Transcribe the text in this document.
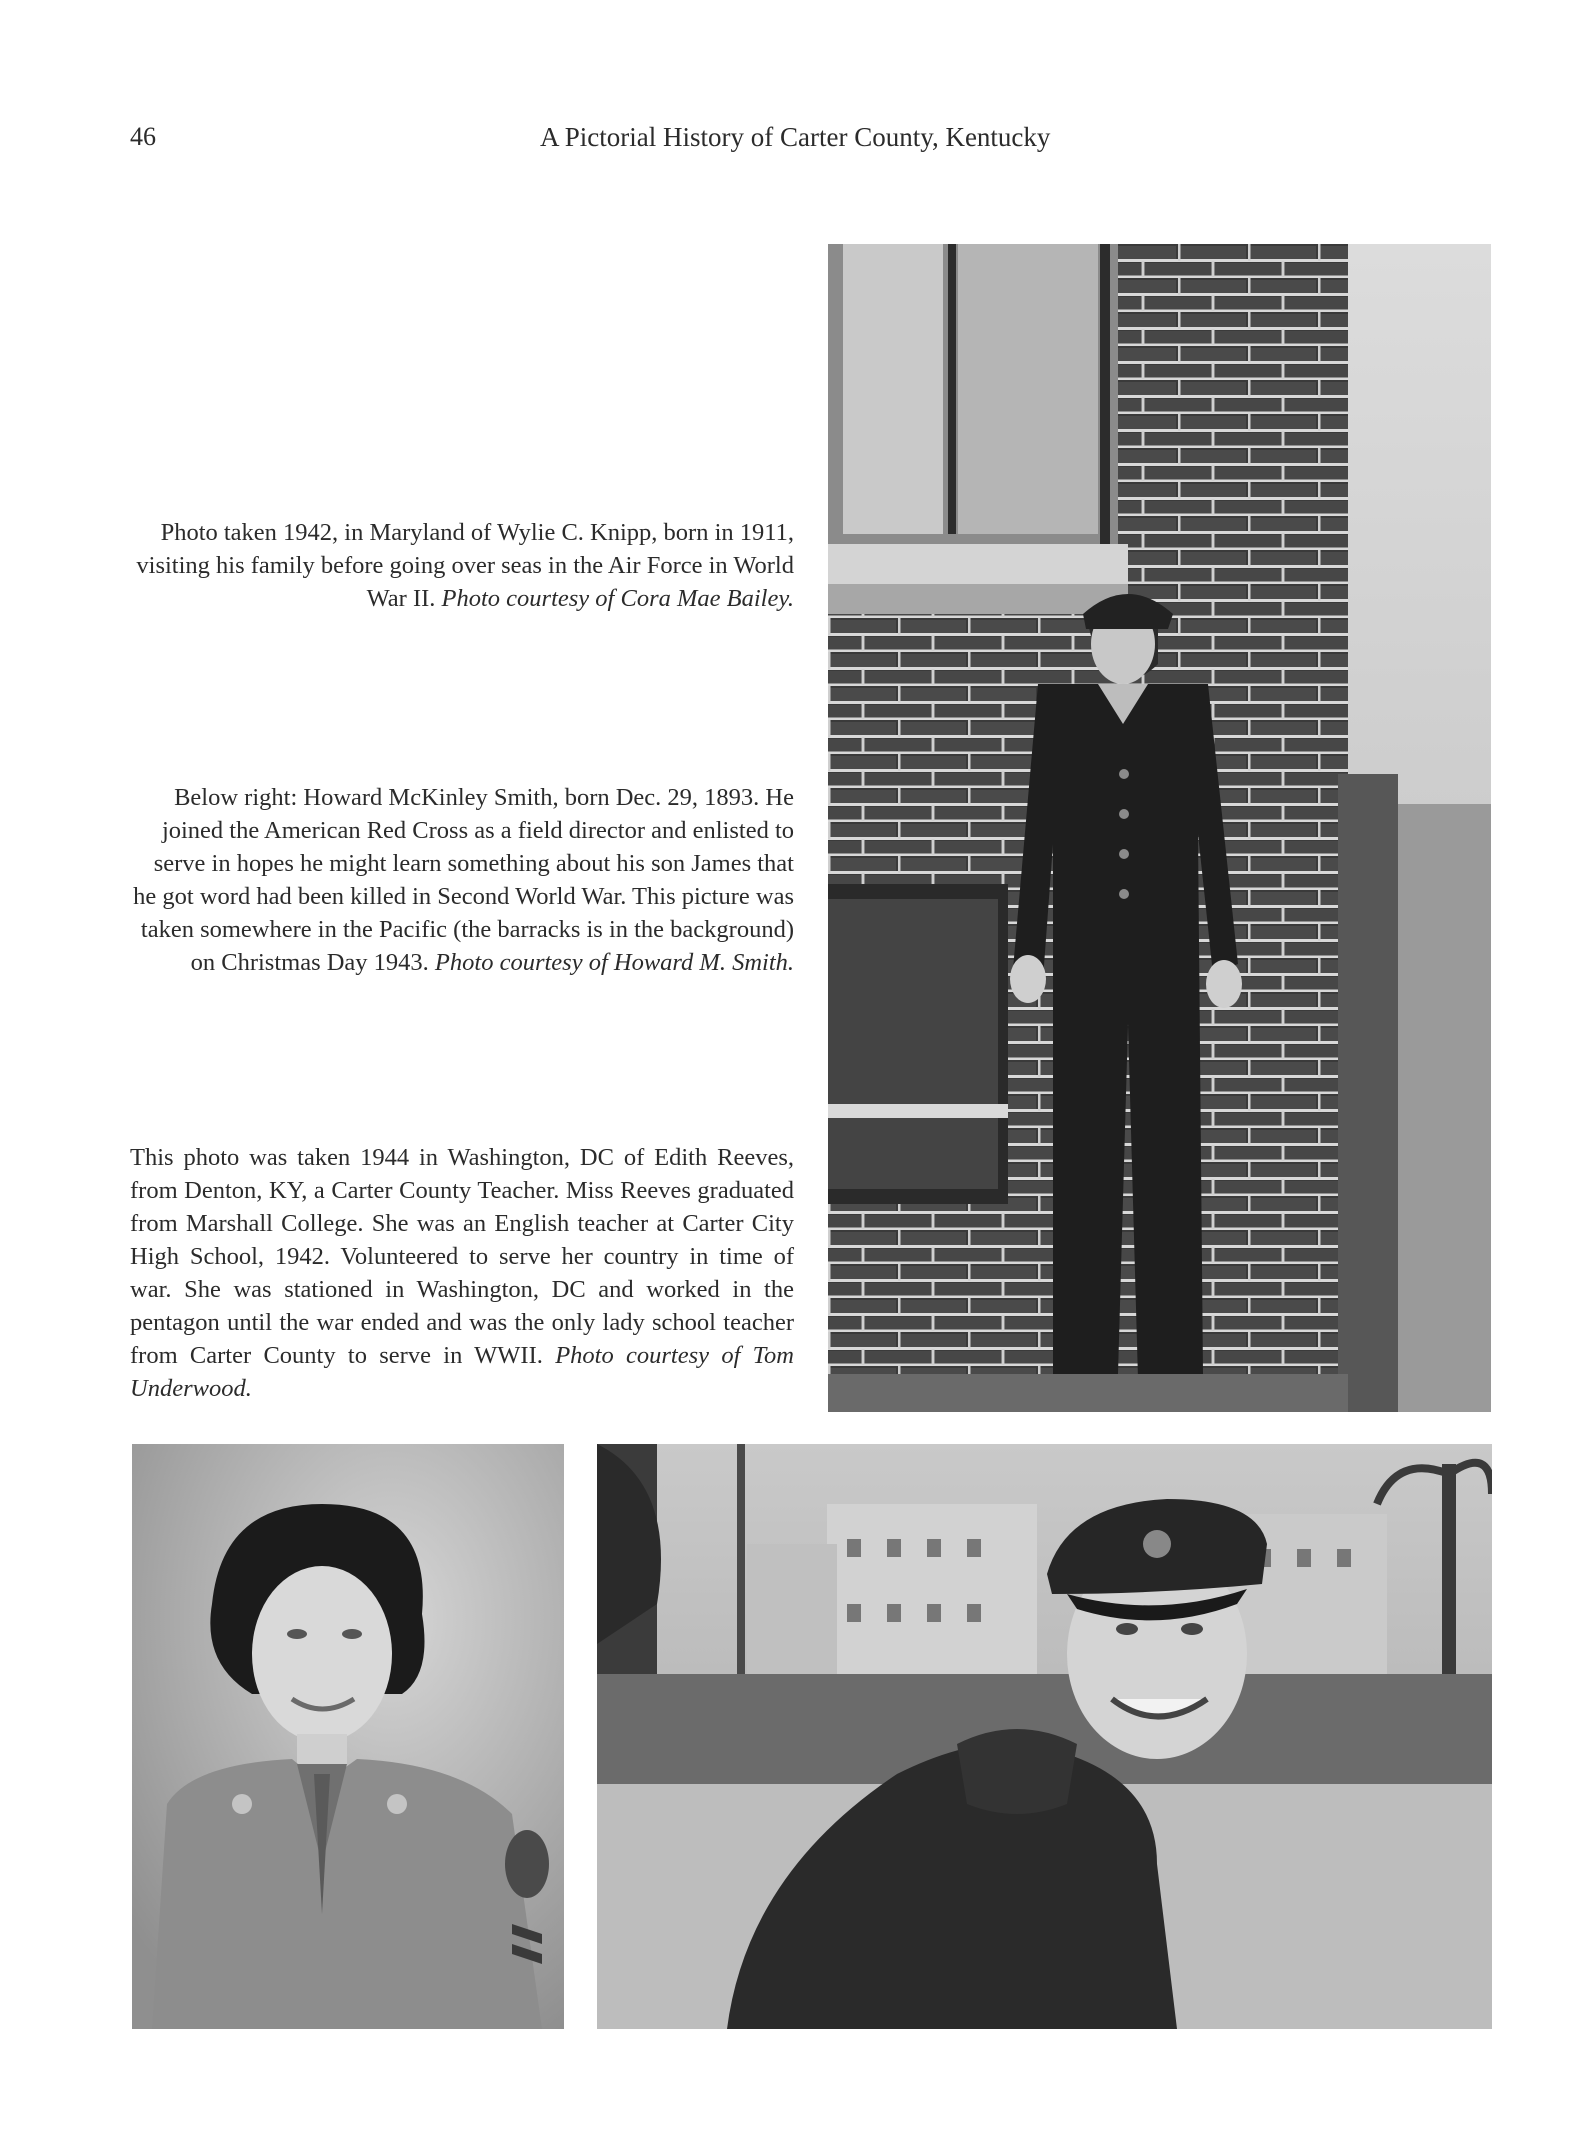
46	A Pictorial History of Carter County, Kentucky
Photo taken 1942, in Maryland of Wylie C. Knipp, born in 1911, visiting his family before going over seas in the Air Force in World War II. Photo courtesy of Cora Mae Bailey.
Below right: Howard McKinley Smith, born Dec. 29, 1893. He joined the American Red Cross as a field director and enlisted to serve in hopes he might learn something about his son James that he got word had been killed in Second World War. This picture was taken somewhere in the Pacific (the barracks is in the background) on Christmas Day 1943. Photo courtesy of Howard M. Smith.
This photo was taken 1944 in Washington, DC of Edith Reeves, from Denton, KY, a Carter County Teacher. Miss Reeves graduated from Marshall College. She was an English teacher at Carter City High School, 1942. Volunteered to serve her country in time of war. She was stationed in Washington, DC and worked in the pentagon until the war ended and was the only lady school teacher from Carter County to serve in WWII. Photo courtesy of Tom Underwood.
